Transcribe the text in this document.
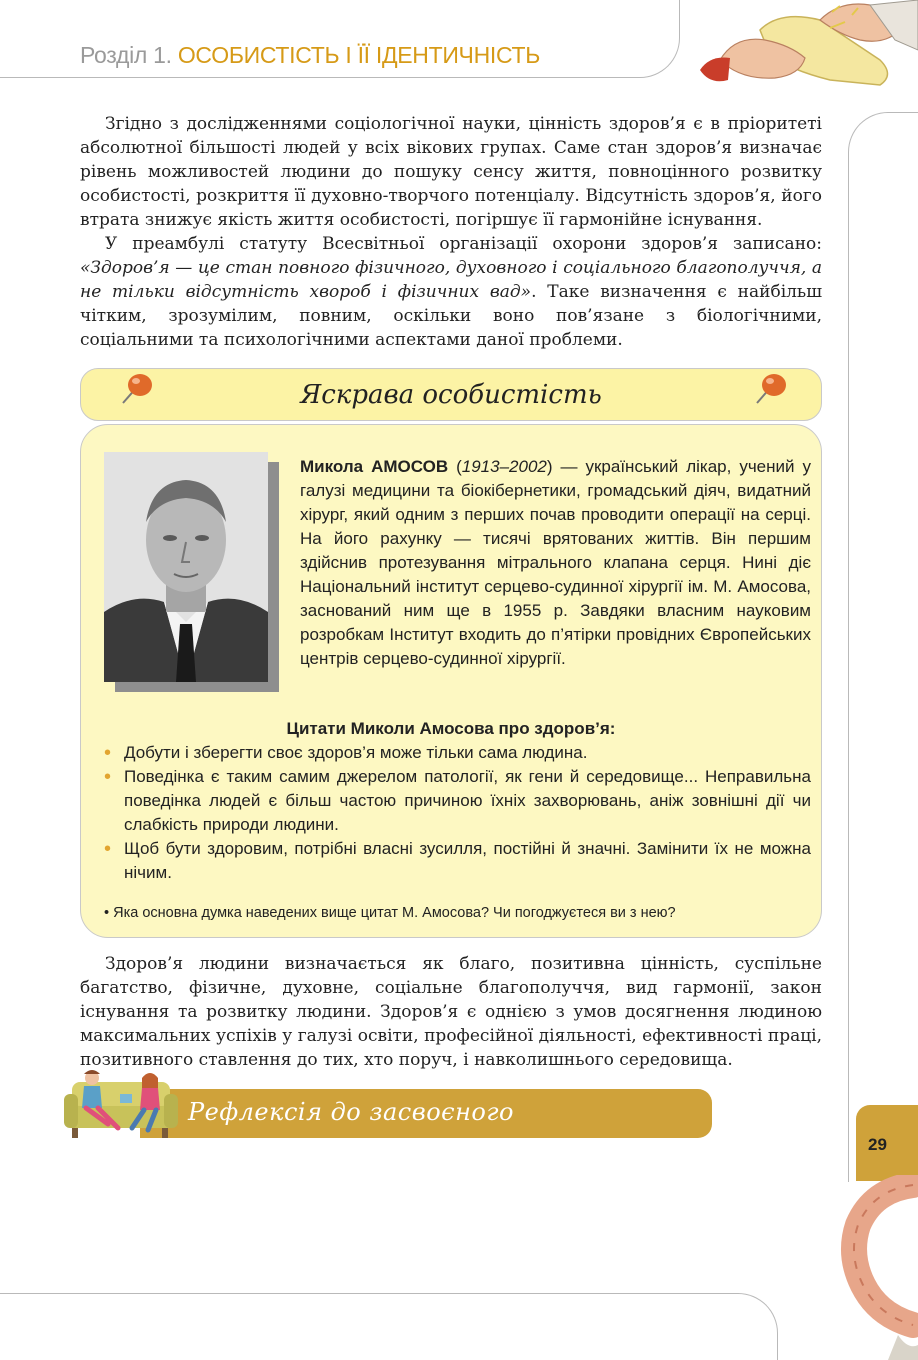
Розділ 1. ОСОБИСТІСТЬ І ЇЇ ІДЕНТИЧНІСТЬ
29

Згідно з дослідженнями соціологічної науки, цінність здоров’я є в пріоритеті абсолютної більшості людей у всіх вікових групах. Саме стан здоров’я визначає рівень можливостей людини до пошуку сенсу життя, повноцінного розвитку особистості, розкриття її духовно-творчого потенціалу. Відсутність здоров’я, його втрата знижує якість життя особистості, погіршує її гармонійне існування.

У преамбулі статуту Всесвітньої організації охорони здоров’я записано: «Здоров’я — це стан повного фізичного, духовного і соціального благополуччя, а не тільки відсутність хвороб і фізичних вад». Таке визначення є найбільш чітким, зрозумілим, повним, оскільки воно пов’язане з біологічними, соціальними та психологічними аспектами даної проблеми.

Яскрава особистість
Микола АМОСОВ (1913–2002) — український лікар, учений у галузі медицини та біокібернетики, громадський діяч, видатний хірург, який одним з перших почав проводити операції на серці. На його рахунку — тисячі врятованих життів. Він першим здійснив протезування мітрального клапана серця. Нині діє Національний інститут серцево-судинної хірургії ім. М. Амосова, заснований ним ще в 1955 р. Завдяки власним науковим розробкам Інститут входить до п’ятірки провідних Європейських центрів серцево-судинної хірургії.
Цитати Миколи Амосова про здоров’я:
• Добути і зберегти своє здоров’я може тільки сама людина.
• Поведінка є таким самим джерелом патології, як гени й середовище... Неправильна поведінка людей є більш частою причиною їхніх захворювань, аніж зовнішні дії чи слабкість природи людини.
• Щоб бути здоровим, потрібні власні зусилля, постійні й значні. Замінити їх не можна нічим.
• Яка основна думка наведених вище цитат М. Амосова? Чи погоджуєтеся ви з нею?

Здоров’я людини визначається як благо, позитивна цінність, суспільне багатство, фізичне, духовне, соціальне благополуччя, вид гармонії, закон існування та розвитку людини. Здоров’я є однією з умов досягнення людиною максимальних успіхів у галузі освіти, професійної діяльності, ефективності праці, позитивного ставлення до тих, хто поруч, і навколишнього середовища.

Рефлексія до засвоєного
